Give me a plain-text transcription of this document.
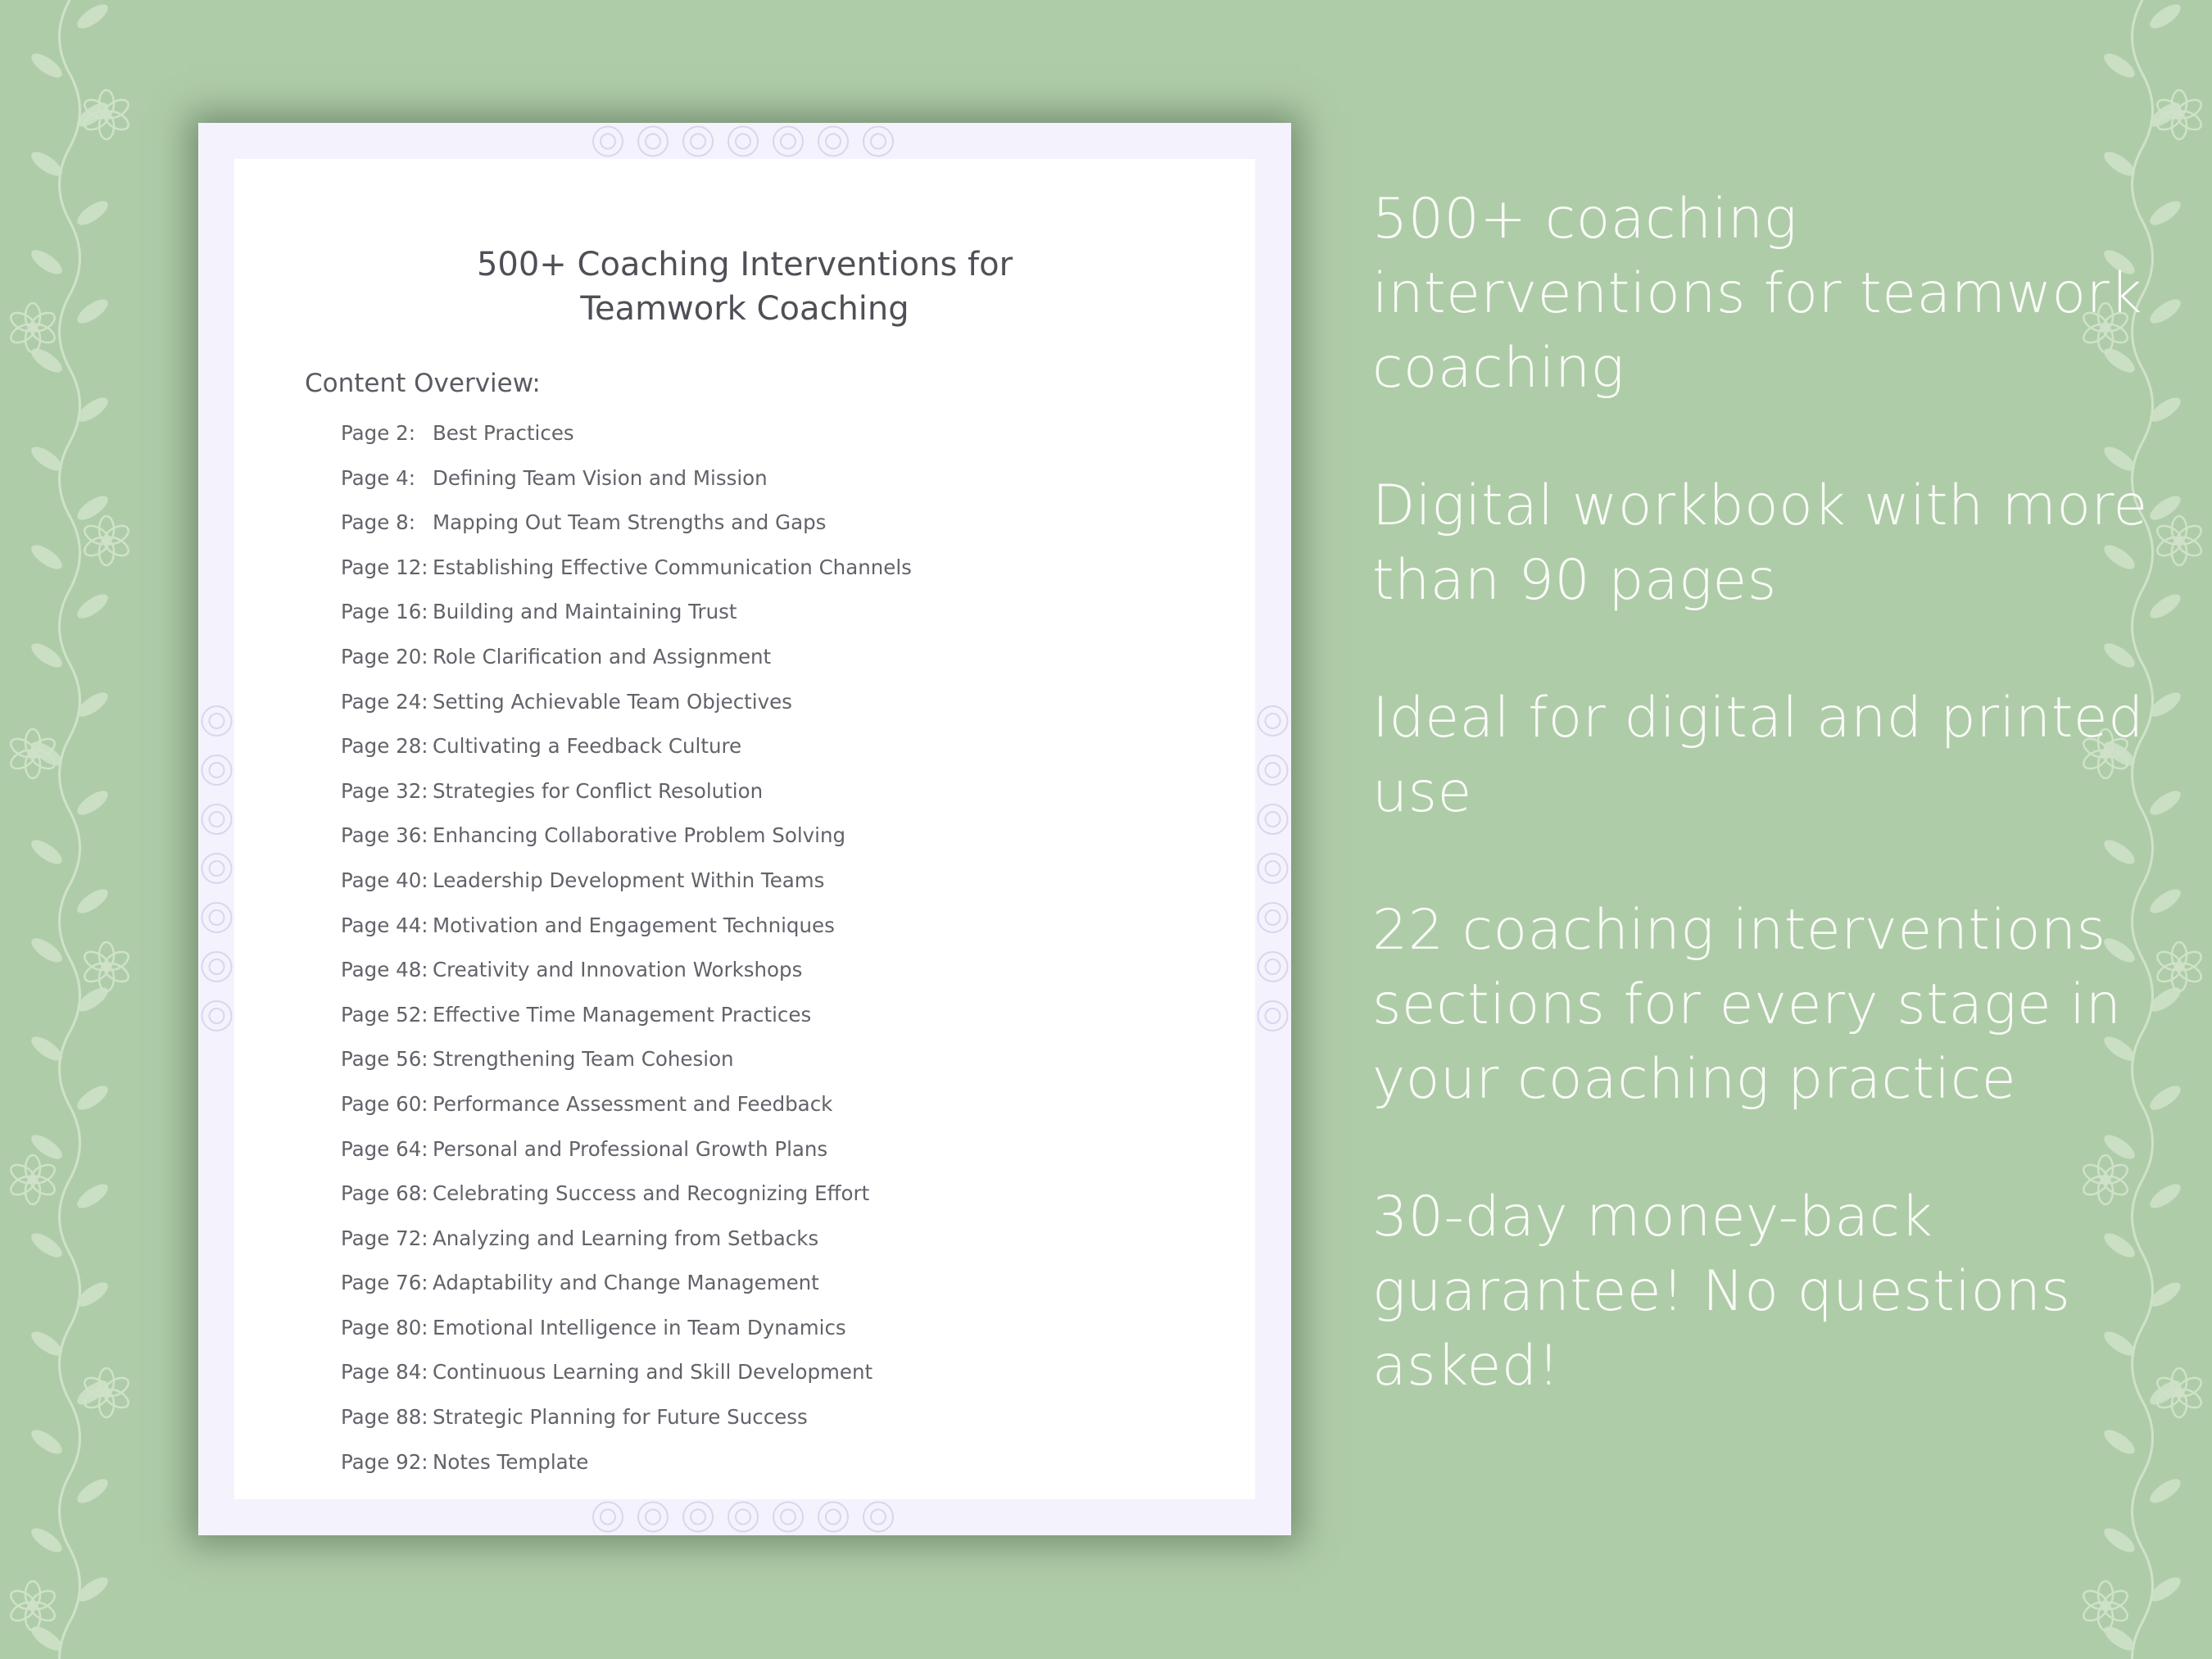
500+ Coaching Interventions for
Teamwork Coaching
Content Overview:
Page 2: Best Practices
Page 4: Defining Team Vision and Mission
Page 8: Mapping Out Team Strengths and Gaps
Page 12: Establishing Effective Communication Channels
Page 16: Building and Maintaining Trust
Page 20: Role Clarification and Assignment
Page 24: Setting Achievable Team Objectives
Page 28: Cultivating a Feedback Culture
Page 32: Strategies for Conflict Resolution
Page 36: Enhancing Collaborative Problem Solving
Page 40: Leadership Development Within Teams
Page 44: Motivation and Engagement Techniques
Page 48: Creativity and Innovation Workshops
Page 52: Effective Time Management Practices
Page 56: Strengthening Team Cohesion
Page 60: Performance Assessment and Feedback
Page 64: Personal and Professional Growth Plans
Page 68: Celebrating Success and Recognizing Effort
Page 72: Analyzing and Learning from Setbacks
Page 76: Adaptability and Change Management
Page 80: Emotional Intelligence in Team Dynamics
Page 84: Continuous Learning and Skill Development
Page 88: Strategic Planning for Future Success
Page 92: Notes Template

500+ coaching interventions for teamwork coaching

Digital workbook with more than 90 pages

Ideal for digital and printed use

22 coaching interventions sections for every stage in your coaching practice

30-day money-back guarantee! No questions asked!
